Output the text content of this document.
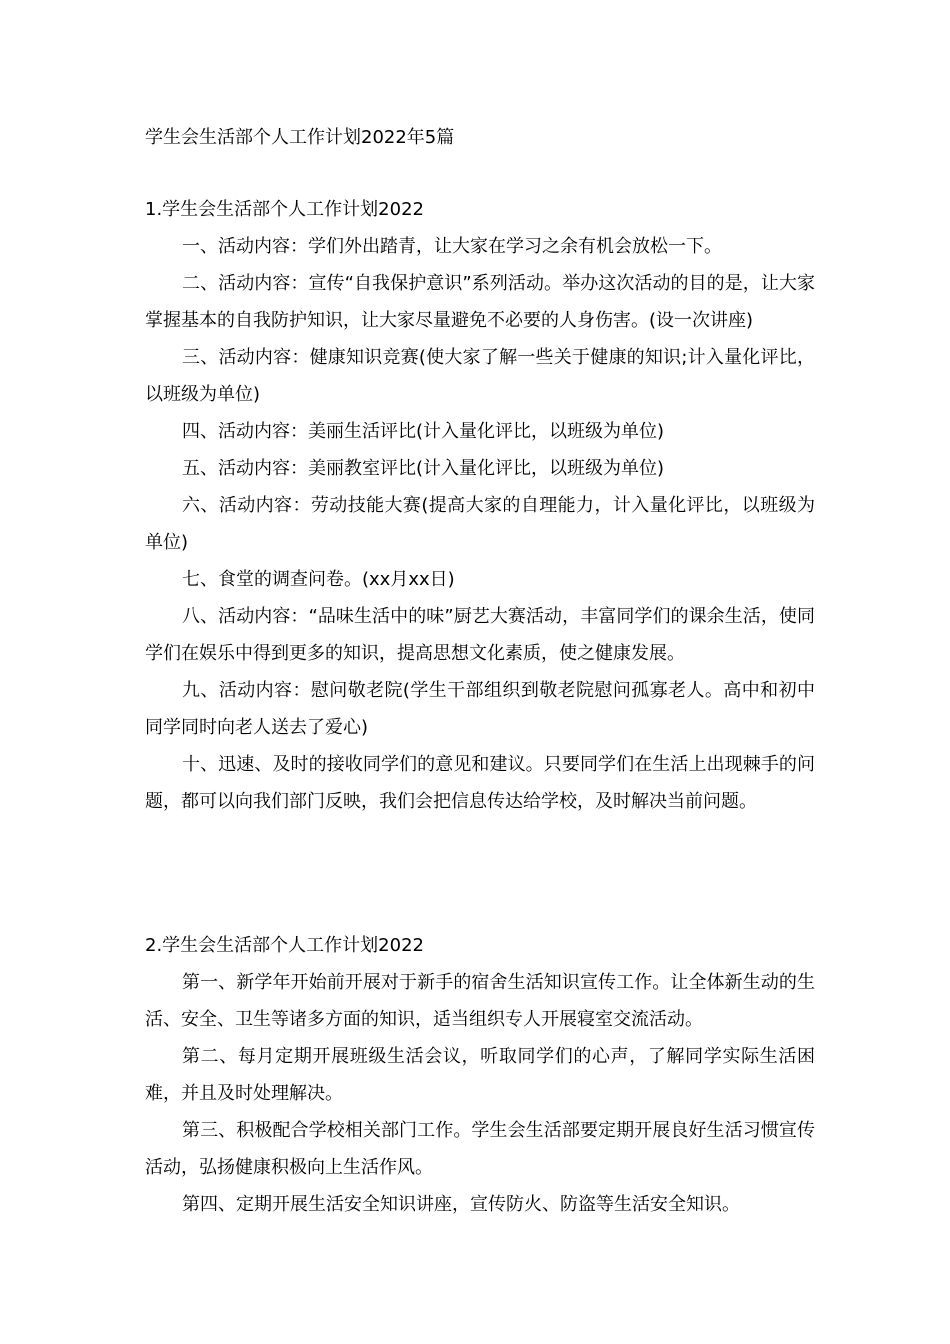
学生会生活部个人工作计划2022年5篇
1.学生会生活部个人工作计划2022

一、活动内容：学们外出踏青，让大家在学习之余有机会放松一下。

二、活动内容：宣传“自我保护意识”系列活动。举办这次活动的目的是，让大家掌握基本的自我防护知识，让大家尽量避免不必要的人身伤害。(设一次讲座)

三、活动内容：健康知识竞赛(使大家了解一些关于健康的知识;计入量化评比，以班级为单位)

四、活动内容：美丽生活评比(计入量化评比，以班级为单位)

五、活动内容：美丽教室评比(计入量化评比，以班级为单位)

六、活动内容：劳动技能大赛(提高大家的自理能力，计入量化评比，以班级为单位)

七、食堂的调查问卷。(xx月xx日)

八、活动内容：“品味生活中的味”厨艺大赛活动，丰富同学们的课余生活，使同学们在娱乐中得到更多的知识，提高思想文化素质，使之健康发展。

九、活动内容：慰问敬老院(学生干部组织到敬老院慰问孤寡老人。高中和初中同学同时向老人送去了爱心)

十、迅速、及时的接收同学们的意见和建议。只要同学们在生活上出现棘手的问题，都可以向我们部门反映，我们会把信息传达给学校，及时解决当前问题。

2.学生会生活部个人工作计划2022

第一、新学年开始前开展对于新手的宿舍生活知识宣传工作。让全体新生动的生活、安全、卫生等诸多方面的知识，适当组织专人开展寝室交流活动。

第二、每月定期开展班级生活会议，听取同学们的心声，了解同学实际生活困难，并且及时处理解决。

第三、积极配合学校相关部门工作。学生会生活部要定期开展良好生活习惯宣传活动，弘扬健康积极向上生活作风。

第四、定期开展生活安全知识讲座，宣传防火、防盗等生活安全知识。
